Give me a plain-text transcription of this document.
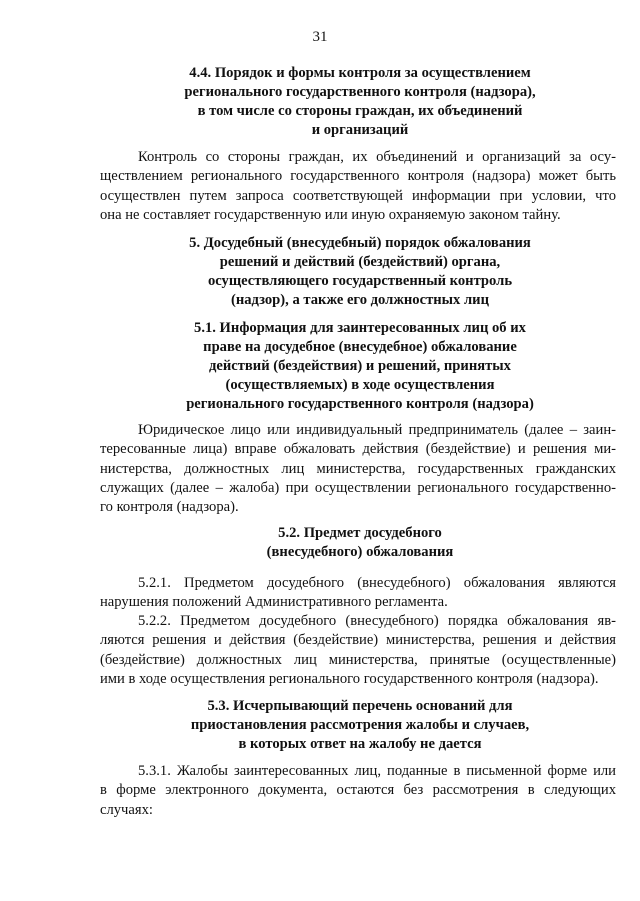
31
4.4. Порядок и формы контроля за осуществлением
регионального государственного контроля (надзора),
в том числе со стороны граждан, их объединений
и организаций
Контроль со стороны граждан, их объединений и организаций за осу-
ществлением регионального государственного контроля (надзора) может быть
осуществлен путем запроса соответствующей информации при условии, что
она не составляет государственную или иную охраняемую законом тайну.
5. Досудебный (внесудебный) порядок обжалования
решений и действий (бездействий) органа,
осуществляющего государственный контроль
(надзор), а также его должностных лиц
5.1. Информация для заинтересованных лиц об их
праве на досудебное (внесудебное) обжалование
действий (бездействия) и решений, принятых
(осуществляемых) в ходе осуществления
регионального государственного контроля (надзора)
Юридическое лицо или индивидуальный предприниматель (далее – заин-
тересованные лица) вправе обжаловать действия (бездействие) и решения ми-
нистерства, должностных лиц министерства, государственных гражданских
служащих (далее – жалоба) при осуществлении регионального государственно-
го контроля (надзора).
5.2. Предмет досудебного
(внесудебного) обжалования
5.2.1. Предметом досудебного (внесудебного) обжалования являются
нарушения положений Административного регламента.
5.2.2. Предметом досудебного (внесудебного) порядка обжалования яв-
ляются решения и действия (бездействие) министерства, решения и действия
(бездействие) должностных лиц министерства, принятые (осуществленные)
ими в ходе осуществления регионального государственного контроля (надзора).
5.3. Исчерпывающий перечень оснований для
приостановления рассмотрения жалобы и случаев,
в которых ответ на жалобу не дается
5.3.1. Жалобы заинтересованных лиц, поданные в письменной форме или
в форме электронного документа, остаются без рассмотрения в следующих
случаях:
